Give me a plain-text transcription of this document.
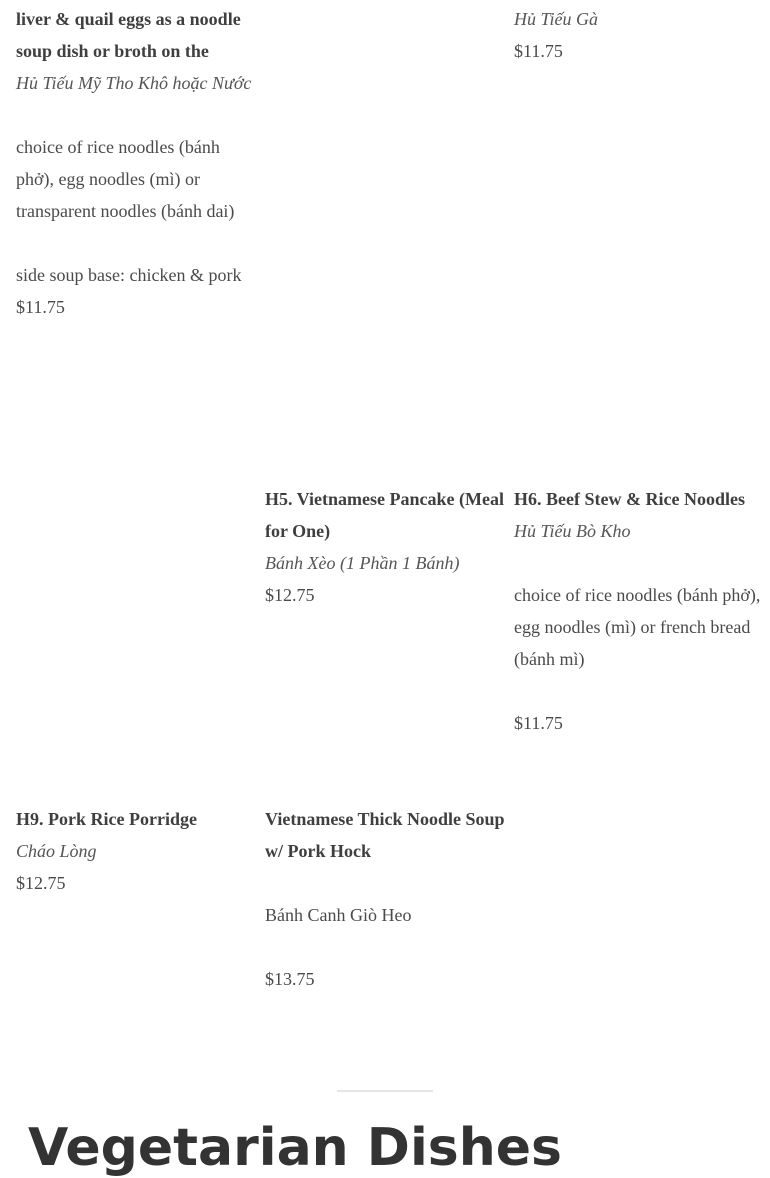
liver & quail eggs as a noodle soup dish or broth on the
Hủ Tiếu Mỹ Tho Khô hoặc Nước
choice of rice noodles (bánh phở), egg noodles (mì) or transparent noodles (bánh dai)
side soup base: chicken & pork
$11.75
Hủ Tiếu Gà
$11.75
H5. Vietnamese Pancake (Meal for One)
Bánh Xèo (1 Phần 1 Bánh)
$12.75
H6. Beef Stew & Rice Noodles
Hủ Tiếu Bò Kho
choice of rice noodles (bánh phở), egg noodles (mì) or french bread (bánh mì)
$11.75
H9. Pork Rice Porridge
Cháo Lòng
$12.75
Vietnamese Thick Noodle Soup w/ Pork Hock
Bánh Canh Giò Heo
$13.75
Vegetarian Dishes
